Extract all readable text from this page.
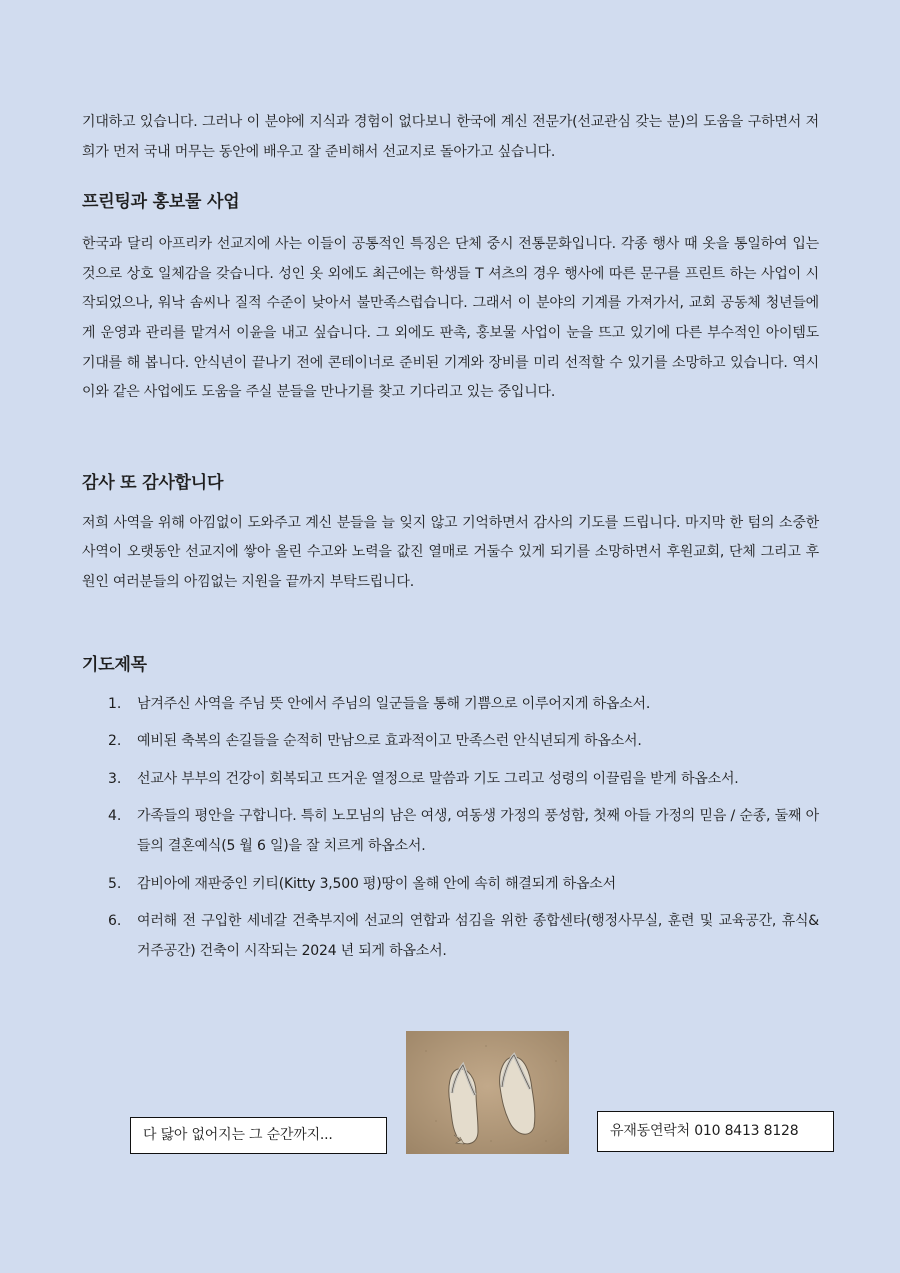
기대하고 있습니다. 그러나 이 분야에 지식과 경험이 없다보니 한국에 계신 전문가(선교관심 갖는 분)의 도움을 구하면서 저희가 먼저 국내 머무는 동안에 배우고 잘 준비해서 선교지로 돌아가고 싶습니다.

프린팅과 홍보물 사업

한국과 달리 아프리카 선교지에 사는 이들이 공통적인 특징은 단체 중시 전통문화입니다. 각종 행사 때 옷을 통일하여 입는 것으로 상호 일체감을 갖습니다. 성인 옷 외에도 최근에는 학생들 T 셔츠의 경우 행사에 따른 문구를 프린트 하는 사업이 시작되었으나, 워낙 솜씨나 질적 수준이 낮아서 불만족스럽습니다. 그래서 이 분야의 기계를 가져가서, 교회 공동체 청년들에게 운영과 관리를 맡겨서 이윤을 내고 싶습니다. 그 외에도 판촉, 홍보물 사업이 눈을 뜨고 있기에 다른 부수적인 아이템도 기대를 해 봅니다. 안식년이 끝나기 전에 콘테이너로 준비된 기계와 장비를 미리 선적할 수 있기를 소망하고 있습니다. 역시 이와 같은 사업에도 도움을 주실 분들을 만나기를 찾고 기다리고 있는 중입니다.

감사 또 감사합니다

저희 사역을 위해 아낌없이 도와주고 계신 분들을 늘 잊지 않고 기억하면서 감사의 기도를 드립니다. 마지막 한 텀의 소중한 사역이 오랫동안 선교지에 쌓아 올린 수고와 노력을 값진 열매로 거둘수 있게 되기를 소망하면서 후원교회, 단체 그리고 후원인 여러분들의 아낌없는 지원을 끝까지 부탁드립니다.

기도제목
1. 남겨주신 사역을 주님 뜻 안에서 주님의 일군들을 통해 기쁨으로 이루어지게 하옵소서.
2. 예비된 축복의 손길들을 순적히 만남으로 효과적이고 만족스런 안식년되게 하옵소서.
3. 선교사 부부의 건강이 회복되고 뜨거운 열정으로 말씀과 기도 그리고 성령의 이끌림을 받게 하옵소서.
4. 가족들의 평안을 구합니다. 특히 노모님의 남은 여생, 여동생 가정의 풍성함, 첫째 아들 가정의 믿음 / 순종, 둘째 아들의 결혼예식(5 월 6 일)을 잘 치르게 하옵소서.
5. 감비아에 재판중인 키티(Kitty 3,500 평)땅이 올해 안에 속히 해결되게 하옵소서
6. 여러해 전 구입한 세네갈 건축부지에 선교의 연합과 섬김을 위한 종합센타(행정사무실, 훈련 및 교육공간, 휴식& 거주공간) 건축이 시작되는 2024 년 되게 하옵소서.
다 닳아 없어지는 그 순간까지...	유재동연락처 010 8413 8128
